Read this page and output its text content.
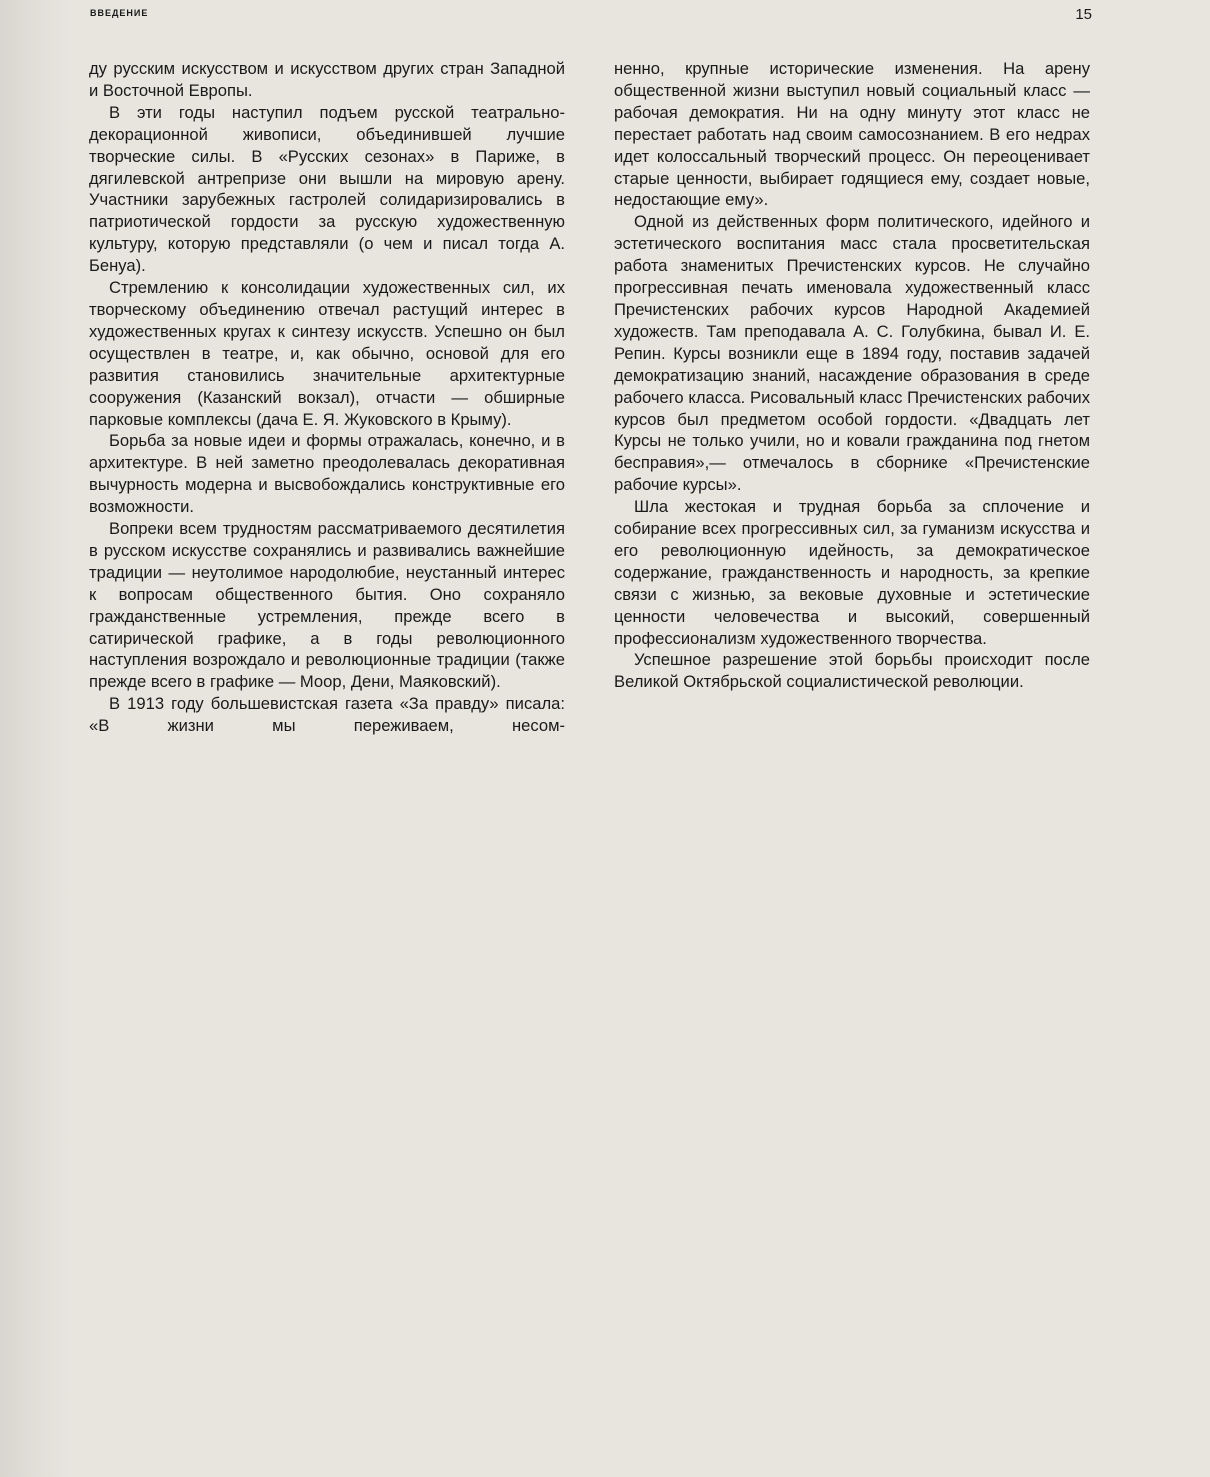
ВВЕДЕНИЕ	15

ду русским искусством и искусством других стран Западной и Восточной Европы.

В эти годы наступил подъем русской театрально-декорационной живописи, объединившей лучшие творческие силы. В «Русских сезонах» в Париже, в дягилевской антрепризе они вышли на мировую арену. Участники зарубежных гастролей солидаризировались в патриотической гордости за русскую художественную культуру, которую представляли (о чем и писал тогда А. Бенуа).

Стремлению к консолидации художественных сил, их творческому объединению отвечал растущий интерес в художественных кругах к синтезу искусств. Успешно он был осуществлен в театре, и, как обычно, основой для его развития становились значительные архитектурные сооружения (Казанский вокзал), отчасти — обширные парковые комплексы (дача Е. Я. Жуковского в Крыму).

Борьба за новые идеи и формы отражалась, конечно, и в архитектуре. В ней заметно преодолевалась декоративная вычурность модерна и высвобождались конструктивные его возможности.

Вопреки всем трудностям рассматриваемого десятилетия в русском искусстве сохранялись и развивались важнейшие традиции — неутолимое народолюбие, неустанный интерес к вопросам общественного бытия. Оно сохраняло гражданственные устремления, прежде всего в сатирической графике, а в годы революционного наступления возрождало и революционные традиции (также прежде всего в графике — Моор, Дени, Маяковский).

В 1913 году большевистская газета «За правду» писала: «В жизни мы переживаем, несом-

ненно, крупные исторические изменения. На арену общественной жизни выступил новый социальный класс — рабочая демократия. Ни на одну минуту этот класс не перестает работать над своим самосознанием. В его недрах идет колоссальный творческий процесс. Он переоценивает старые ценности, выбирает годящиеся ему, создает новые, недостающие ему».

Одной из действенных форм политического, идейного и эстетического воспитания масс стала просветительская работа знаменитых Пречистенских курсов. Не случайно прогрессивная печать именовала художественный класс Пречистенских рабочих курсов Народной Академией художеств. Там преподавала А. С. Голубкина, бывал И. Е. Репин. Курсы возникли еще в 1894 году, поставив задачей демократизацию знаний, насаждение образования в среде рабочего класса. Рисовальный класс Пречистенских рабочих курсов был предметом особой гордости. «Двадцать лет Курсы не только учили, но и ковали гражданина под гнетом бесправия»,— отмечалось в сборнике «Пречистенские рабочие курсы».

Шла жестокая и трудная борьба за сплочение и собирание всех прогрессивных сил, за гуманизм искусства и его революционную идейность, за демократическое содержание, гражданственность и народность, за крепкие связи с жизнью, за вековые духовные и эстетические ценности человечества и высокий, совершенный профессионализм художественного творчества.

Успешное разрешение этой борьбы происходит после Великой Октябрьской социалистической революции.
